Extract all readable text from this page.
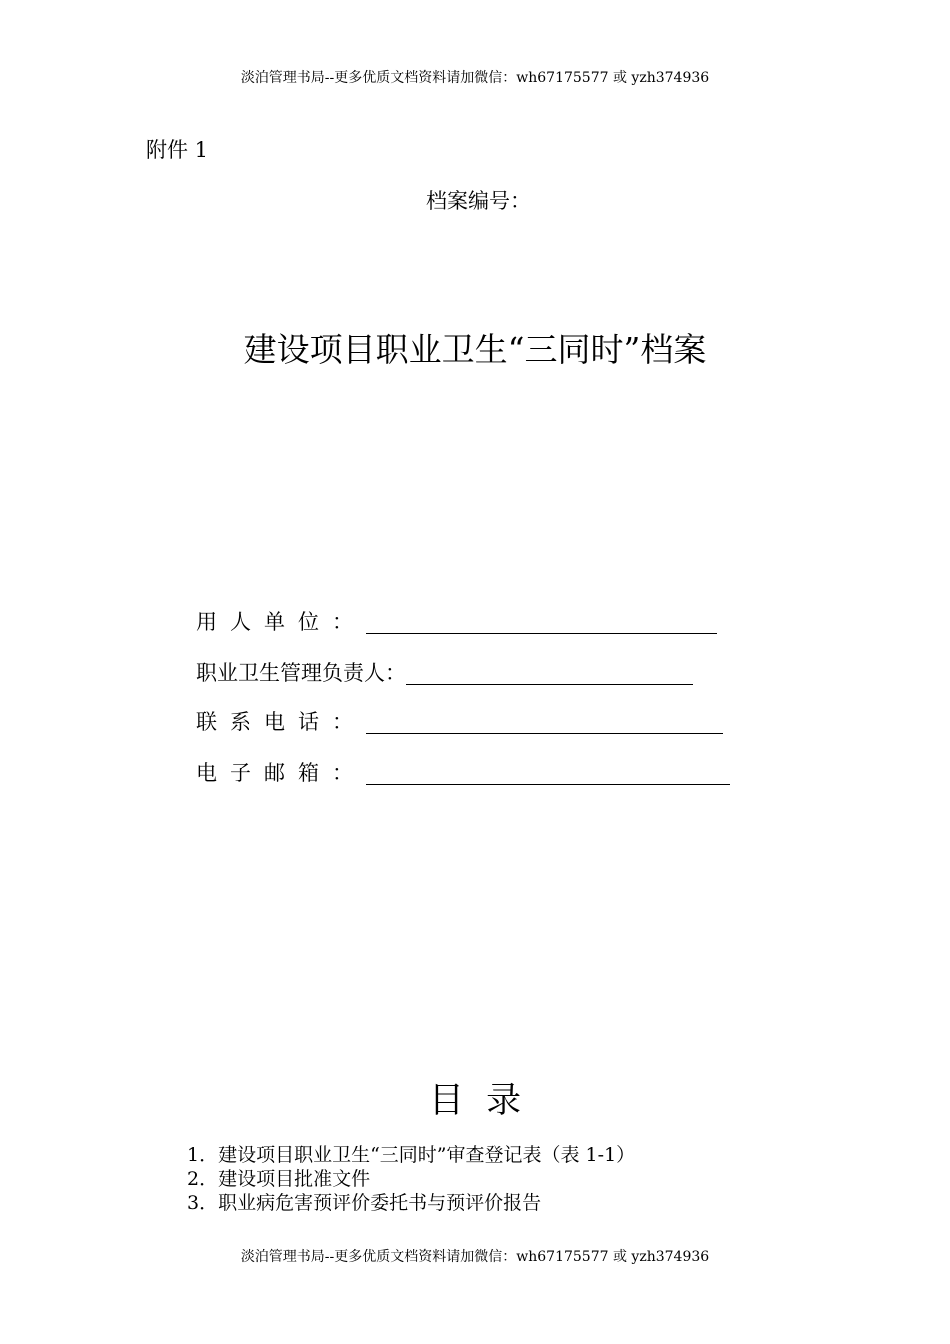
淡泊管理书局--更多优质文档资料请加微信：wh67175577 或 yzh374936
附件 1
档案编号：
建设项目职业卫生“三同时”档案
用人单位：
职业卫生管理负责人：
联系电话：
电子邮箱：
目  录
1．建设项目职业卫生“三同时”审查登记表（表 1-1）
2．建设项目批准文件
3．职业病危害预评价委托书与预评价报告
淡泊管理书局--更多优质文档资料请加微信：wh67175577 或 yzh374936
